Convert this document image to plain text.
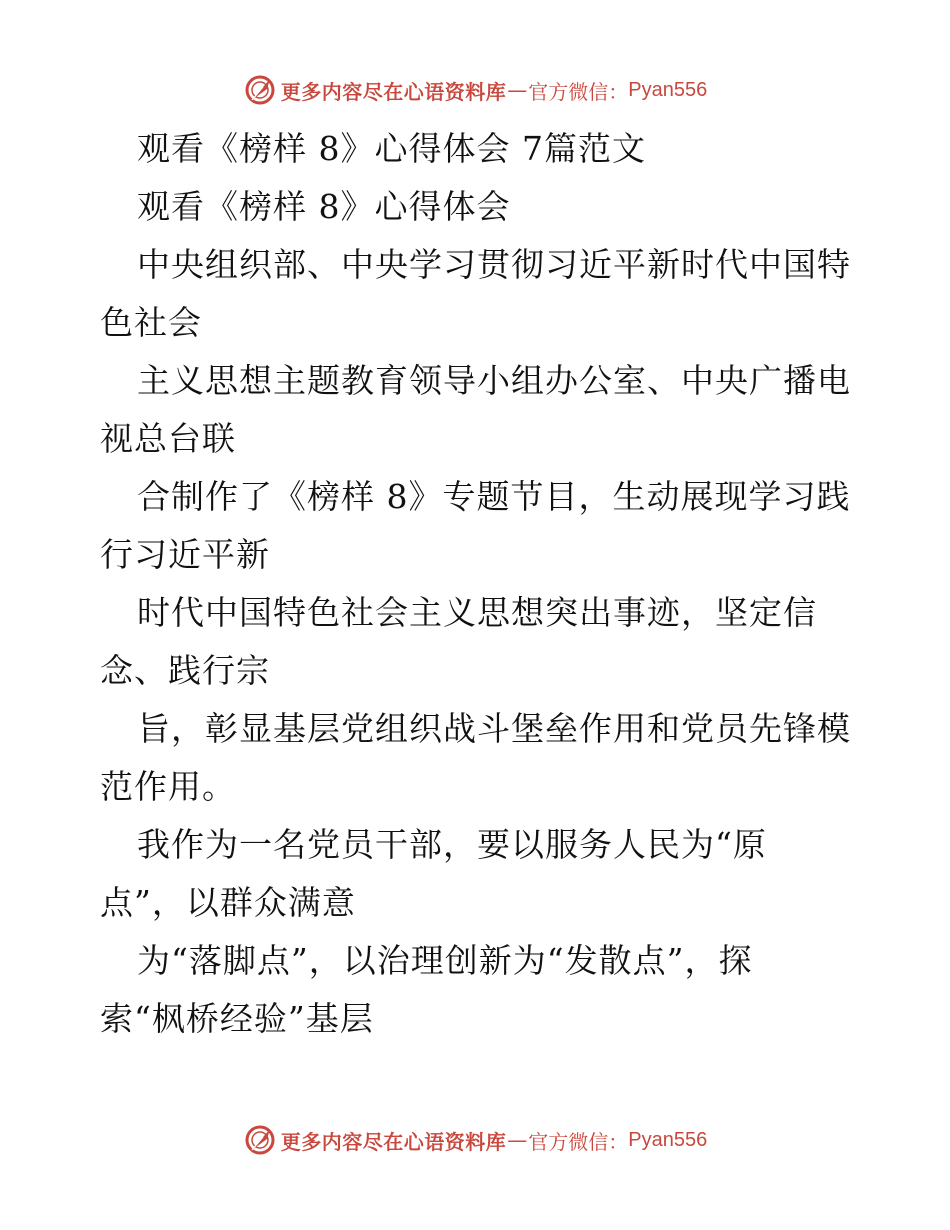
更多内容尽在心语资料库 — 官方微信： Pyan556
观看《榜样 8》心得体会 7篇范文
观看《榜样 8》心得体会
中央组织部、中央学习贯彻习近平新时代中国特
色社会
主义思想主题教育领导小组办公室、中央广播电
视总台联
合制作了《榜样 8》专题节目，生动展现学习践
行习近平新
时代中国特色社会主义思想突出事迹，坚定信
念、践行宗
旨，彰显基层党组织战斗堡垒作用和党员先锋模
范作用。
我作为一名党员干部，要以服务人民为“原
点”，以群众满意
为“落脚点”，以治理创新为“发散点”，探
索“枫桥经验”基层
更多内容尽在心语资料库 — 官方微信： Pyan556
